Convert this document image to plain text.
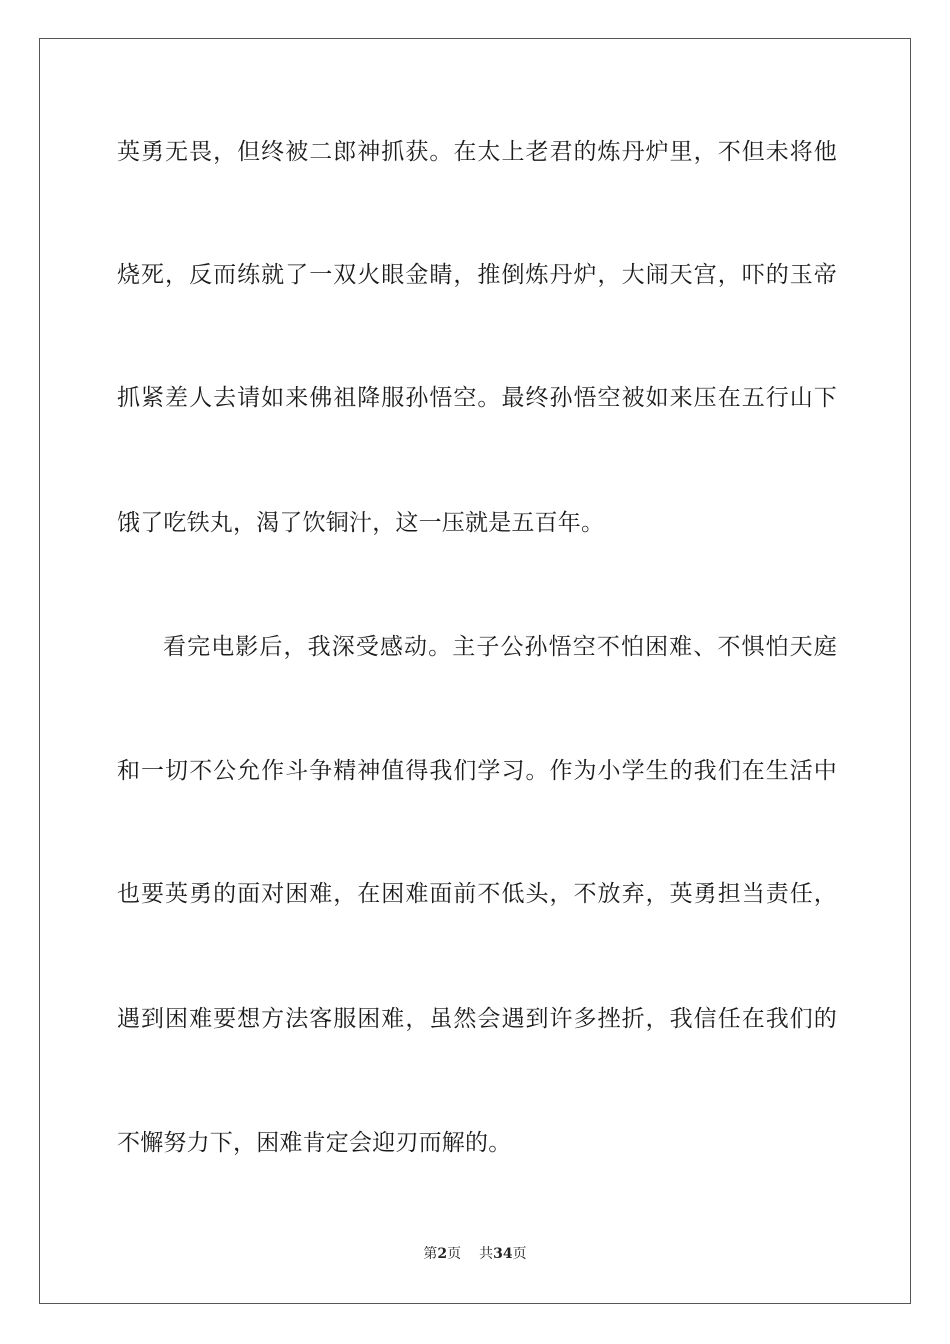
英勇无畏，但终被二郎神抓获。在太上老君的炼丹炉里，不但未将他
烧死，反而练就了一双火眼金睛，推倒炼丹炉，大闹天宫，吓的玉帝
抓紧差人去请如来佛祖降服孙悟空。最终孙悟空被如来压在五行山下
饿了吃铁丸，渴了饮铜汁，这一压就是五百年。
看完电影后，我深受感动。主子公孙悟空不怕困难、不惧怕天庭
和一切不公允作斗争精神值得我们学习。作为小学生的我们在生活中
也要英勇的面对困难，在困难面前不低头，不放弃，英勇担当责任，
遇到困难要想方法客服困难，虽然会遇到许多挫折，我信任在我们的
不懈努力下，困难肯定会迎刃而解的。
第2页 共34页
